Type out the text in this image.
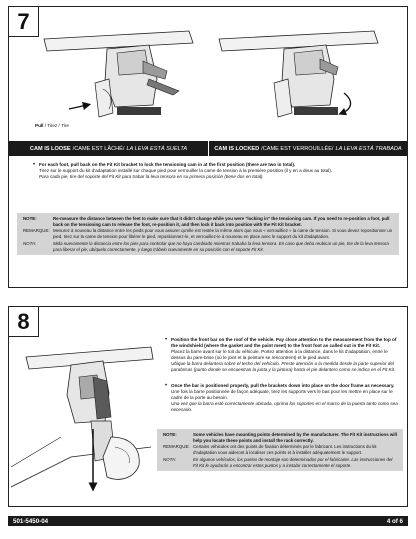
7
Pull / Tirez / Tire
CAM IS LOOSE / CAME EST LÂCHÉ / LA LEVA ESTÁ SUELTA	CAM IS LOCKED / CAME EST VERROUILLÉE / LA LEVA ESTÁ TRABADA
• For each foot, pull back on the Fit Kit bracket to lock the tensioning cam in at the first position (there are two in total).
Tirez sur le support du kit d'adaptation installé sur chaque pied pour verrouiller la came de tension à la première position (il y en a deux au total).
Para cada pie, tire del soporte del Fit Kit para trabar la leva tensora en su primera posición (tiene dos en total).
NOTE:	Re-measure the distance between the feet to make sure that it didn't change while you were "locking in" the tensioning cam. If you need to re-position a foot, pull back on the tensioning cam to release the foot, re-position it, and then lock it back into position with the Fit Kit bracket.
REMARQUE: Mesurez à nouveau la distance entre les pieds pour vous assurer qu'elle est restée la même alors que vous « verrouilliez » la came de tension. Si vous devez repositionner un pied, tirez sur la came de tension pour libérer le pied, repositionnez-le, et verrouillez-le à nouveau en place avec le support du kit d'adaptation.
NOTA:	Mida nuevamente la distancia entre los pies para controlar que no haya cambiado mientras trababa la leva tensora. En caso que deba reubicar un pie, tire de la leva tensora para liberar el pie, ubíquelo correctamente, y luego trábelo nuevamente en su posición con el soporte Fit Kit.
8
• Position the front bar on the roof of the vehicle. Pay close attention to the measurement from the top of the windshield (where the gasket and the paint meet) to the front foot as called out in the Fit Kit.
Placez la barre avant sur le toit du véhicule. Portez attention à la distance, dans le kit d'adaptation, entre le dessus du pare-brise (où le joint et la peinture se rencontrent) et le pied avant.
Ubique la barra delantera sobre el techo del vehículo. Preste atención a la medida desde la parte superior del parabrisas (punto donde se encuentran la junta y la pintura) hasta el pie delantero como se indica en el Fit Kit.
• Once the bar is positioned properly, pull the brackets down into place on the door frame as necessary.
Une fois la barre positionnée de façon adéquate, tirez les supports vers le bas pour les mettre en place sur le cadre de la porte au besoin.
Una vez que la barra esté correctamente ubicada, oprima los soportes en el marco de la puerta tanto como sea necesario.
NOTE:	Some vehicles have mounting points determined by the manufacturer. The Fit Kit instructions will help you locate these points and install the rack correctly.
REMARQUE: Certains véhicules ont des points de fixation déterminés par le fabricant. Les instructions du kit d'adaptation vous aideront à localiser ces points et à installer adéquatement le support.
NOTA:	En algunos vehículos, los puntos de montaje son determinados por el fabricante. Las instrucciones del Fit Kit le ayudarán a encontrar estos puntos y a instalar correctamente el soporte.
501-5450-04	4 of 6
